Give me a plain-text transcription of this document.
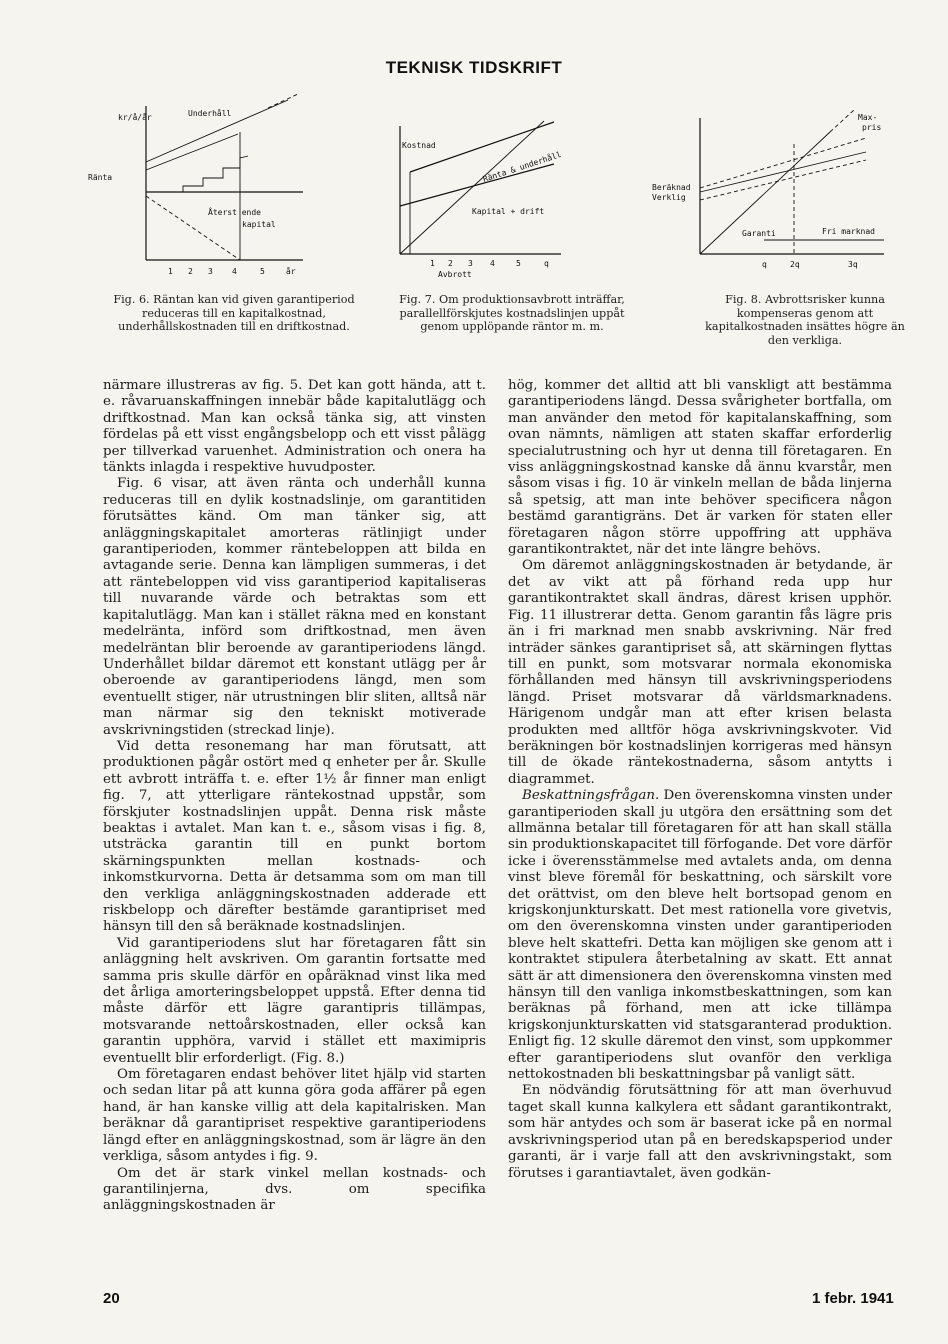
TEKNISK TIDSKRIFT
kr/å/år	Underhåll
Ränta
Återst ende
kapital
1 2 3 4	5	år
Fig. 6. Räntan kan vid given garantiperiod reduceras till en kapitalkostnad, underhållskostnaden till en driftkostnad.
Kostnad
Ränta & underhåll
Kapital + drift
1 2 3 4	5	q
Avbrott
Fig. 7. Om produktionsavbrott inträffar, parallellförskjutes kostnadslinjen uppåt genom upplöpande räntor m. m.
Max-
pris
Beräknad
Verklig
Garanti	Fri marknad
q	2q	3q
Fig. 8. Avbrottsrisker kunna kompenseras genom att kapitalkostnaden insättes högre än den verkliga.

närmare illustreras av fig. 5. Det kan gott hända, att t. e. råvaruanskaffningen innebär både kapitalutlägg och driftkostnad. Man kan också tänka sig, att vinsten fördelas på ett visst engångsbelopp och ett visst pålägg per tillverkad varuenhet. Administration och onera ha tänkts inlagda i respektive huvudposter.

Fig. 6 visar, att även ränta och underhåll kunna reduceras till en dylik kostnadslinje, om garantitiden förutsättes känd. Om man tänker sig, att anläggningskapitalet amorteras rätlinjigt under garantiperioden, kommer räntebeloppen att bilda en avtagande serie. Denna kan lämpligen summeras, i det att räntebeloppen vid viss garantiperiod kapitaliseras till nuvarande värde och betraktas som ett kapitalutlägg. Man kan i stället räkna med en konstant medelränta, införd som driftkostnad, men även medelräntan blir beroende av garantiperiodens längd. Underhållet bildar däremot ett konstant utlägg per år oberoende av garantiperiodens längd, men som eventuellt stiger, när utrustningen blir sliten, alltså när man närmar sig den tekniskt motiverade avskrivningstiden (streckad linje).

Vid detta resonemang har man förutsatt, att produktionen pågår ostört med q enheter per år. Skulle ett avbrott inträffa t. e. efter 1½ år finner man enligt fig. 7, att ytterligare räntekostnad uppstår, som förskjuter kostnadslinjen uppåt. Denna risk måste beaktas i avtalet. Man kan t. e., såsom visas i fig. 8, utsträcka garantin till en punkt bortom skärningspunkten mellan kostnads- och inkomstkurvorna. Detta är detsamma som om man till den verkliga anläggningskostnaden adderade ett riskbelopp och därefter bestämde garantipriset med hänsyn till den så beräknade kostnadslinjen.

Vid garantiperiodens slut har företagaren fått sin anläggning helt avskriven. Om garantin fortsatte med samma pris skulle därför en opåräknad vinst lika med det årliga amorteringsbeloppet uppstå. Efter denna tid måste därför ett lägre garantipris tillämpas, motsvarande nettoårskostnaden, eller också kan garantin upphöra, varvid i stället ett maximipris eventuellt blir erforderligt. (Fig. 8.)

Om företagaren endast behöver litet hjälp vid starten och sedan litar på att kunna göra goda affärer på egen hand, är han kanske villig att dela kapitalrisken. Man beräknar då garantipriset respektive garantiperiodens längd efter en anläggningskostnad, som är lägre än den verkliga, såsom antydes i fig. 9.

Om det är stark vinkel mellan kostnads- och garantilinjerna, dvs. om specifika anläggningskostnaden är

hög, kommer det alltid att bli vanskligt att bestämma garantiperiodens längd. Dessa svårigheter bortfalla, om man använder den metod för kapitalanskaffning, som ovan nämnts, nämligen att staten skaffar erforderlig specialutrustning och hyr ut denna till företagaren. En viss anläggningskostnad kanske då ännu kvarstår, men såsom visas i fig. 10 är vinkeln mellan de båda linjerna så spetsig, att man inte behöver specificera någon bestämd garantigräns. Det är varken för staten eller företagaren någon större uppoffring att upphäva garantikontraktet, när det inte längre behövs.

Om däremot anläggningskostnaden är betydande, är det av vikt att på förhand reda upp hur garantikontraktet skall ändras, därest krisen upphör. Fig. 11 illustrerar detta. Genom garantin fås lägre pris än i fri marknad men snabb avskrivning. När fred inträder sänkes garantipriset så, att skärningen flyttas till en punkt, som motsvarar normala ekonomiska förhållanden med hänsyn till avskrivningsperiodens längd. Priset motsvarar då världsmarknadens. Härigenom undgår man att efter krisen belasta produkten med alltför höga avskrivningskvoter. Vid beräkningen bör kostnadslinjen korrigeras med hänsyn till de ökade räntekostnaderna, såsom antytts i diagrammet.

Beskattningsfrågan. Den överenskomna vinsten under garantiperioden skall ju utgöra den ersättning som det allmänna betalar till företagaren för att han skall ställa sin produktionskapacitet till förfogande. Det vore därför icke i överensstämmelse med avtalets anda, om denna vinst bleve föremål för beskattning, och särskilt vore det orättvist, om den bleve helt bortsopad genom en krigskonjunkturskatt. Det mest rationella vore givetvis, om den överenskomna vinsten under garantiperioden bleve helt skattefri. Detta kan möjligen ske genom att i kontraktet stipulera återbetalning av skatt. Ett annat sätt är att dimensionera den överenskomna vinsten med hänsyn till den vanliga inkomstbeskattningen, som kan beräknas på förhand, men att icke tillämpa krigskonjunkturskatten vid statsgaranterad produktion. Enligt fig. 12 skulle däremot den vinst, som uppkommer efter garantiperiodens slut ovanför den verkliga nettokostnaden bli beskattningsbar på vanligt sätt.

En nödvändig förutsättning för att man överhuvud taget skall kunna kalkylera ett sådant garantikontrakt, som här antydes och som är baserat icke på en normal avskrivningsperiod utan på en beredskapsperiod under garanti, är i varje fall att den avskrivningstakt, som förutses i garantiavtalet, även godkän-

20	1 febr. 1941
